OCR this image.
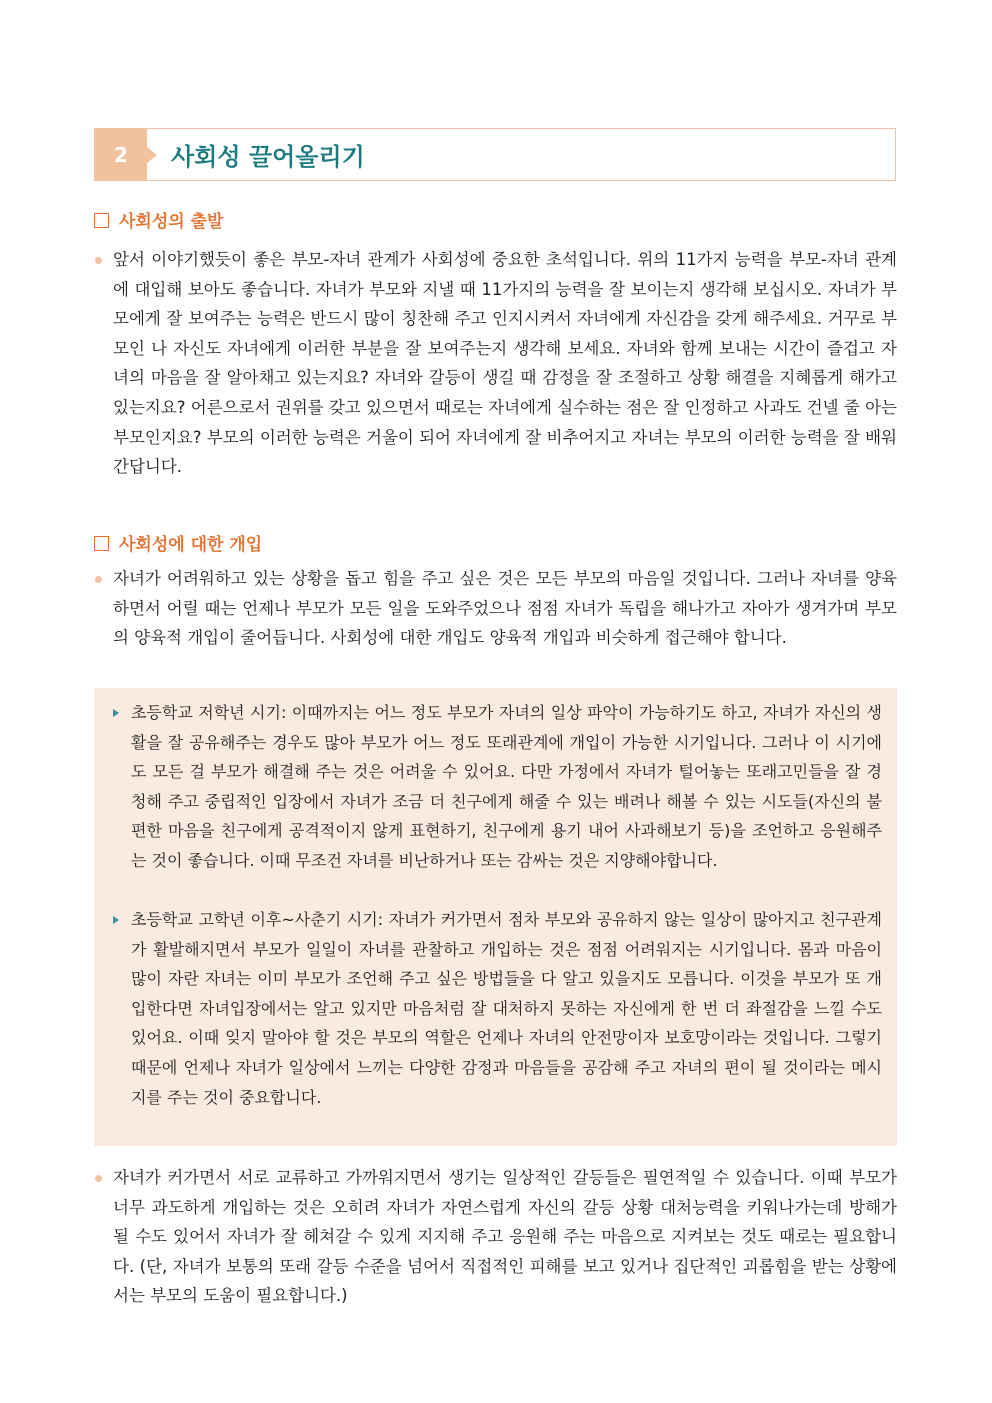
2	사회성 끌어올리기
사회성의 출발
앞서 이야기했듯이 좋은 부모-자녀 관계가 사회성에 중요한 초석입니다. 위의 11가지 능력을 부모-자녀 관계에 대입해 보아도 좋습니다. 자녀가 부모와 지낼 때 11가지의 능력을 잘 보이는지 생각해 보십시오. 자녀가 부모에게 잘 보여주는 능력은 반드시 많이 칭찬해 주고 인지시켜서 자녀에게 자신감을 갖게 해주세요. 거꾸로 부모인 나 자신도 자녀에게 이러한 부분을 잘 보여주는지 생각해 보세요. 자녀와 함께 보내는 시간이 즐겁고 자녀의 마음을 잘 알아채고 있는지요? 자녀와 갈등이 생길 때 감정을 잘 조절하고 상황 해결을 지혜롭게 해가고 있는지요? 어른으로서 권위를 갖고 있으면서 때로는 자녀에게 실수하는 점은 잘 인정하고 사과도 건넬 줄 아는 부모인지요? 부모의 이러한 능력은 거울이 되어 자녀에게 잘 비추어지고 자녀는 부모의 이러한 능력을 잘 배워간답니다.
사회성에 대한 개입
자녀가 어려워하고 있는 상황을 돕고 힘을 주고 싶은 것은 모든 부모의 마음일 것입니다. 그러나 자녀를 양육하면서 어릴 때는 언제나 부모가 모든 일을 도와주었으나 점점 자녀가 독립을 해나가고 자아가 생겨가며 부모의 양육적 개입이 줄어듭니다. 사회성에 대한 개입도 양육적 개입과 비슷하게 접근해야 합니다.
초등학교 저학년 시기: 이때까지는 어느 정도 부모가 자녀의 일상 파악이 가능하기도 하고, 자녀가 자신의 생활을 잘 공유해주는 경우도 많아 부모가 어느 정도 또래관계에 개입이 가능한 시기입니다. 그러나 이 시기에도 모든 걸 부모가 해결해 주는 것은 어려울 수 있어요. 다만 가정에서 자녀가 털어놓는 또래고민들을 잘 경청해 주고 중립적인 입장에서 자녀가 조금 더 친구에게 해줄 수 있는 배려나 해볼 수 있는 시도들(자신의 불편한 마음을 친구에게 공격적이지 않게 표현하기, 친구에게 용기 내어 사과해보기 등)을 조언하고 응원해주는 것이 좋습니다. 이때 무조건 자녀를 비난하거나 또는 감싸는 것은 지양해야합니다.
초등학교 고학년 이후~사춘기 시기: 자녀가 커가면서 점차 부모와 공유하지 않는 일상이 많아지고 친구관계가 활발해지면서 부모가 일일이 자녀를 관찰하고 개입하는 것은 점점 어려워지는 시기입니다. 몸과 마음이 많이 자란 자녀는 이미 부모가 조언해 주고 싶은 방법들을 다 알고 있을지도 모릅니다. 이것을 부모가 또 개입한다면 자녀입장에서는 알고 있지만 마음처럼 잘 대처하지 못하는 자신에게 한 번 더 좌절감을 느낄 수도 있어요. 이때 잊지 말아야 할 것은 부모의 역할은 언제나 자녀의 안전망이자 보호망이라는 것입니다. 그렇기 때문에 언제나 자녀가 일상에서 느끼는 다양한 감정과 마음들을 공감해 주고 자녀의 편이 될 것이라는 메시지를 주는 것이 중요합니다.
자녀가 커가면서 서로 교류하고 가까워지면서 생기는 일상적인 갈등들은 필연적일 수 있습니다. 이때 부모가 너무 과도하게 개입하는 것은 오히려 자녀가 자연스럽게 자신의 갈등 상황 대처능력을 키워나가는데 방해가 될 수도 있어서 자녀가 잘 헤쳐갈 수 있게 지지해 주고 응원해 주는 마음으로 지켜보는 것도 때로는 필요합니다. (단, 자녀가 보통의 또래 갈등 수준을 넘어서 직접적인 피해를 보고 있거나 집단적인 괴롭힘을 받는 상황에서는 부모의 도움이 필요합니다.)
